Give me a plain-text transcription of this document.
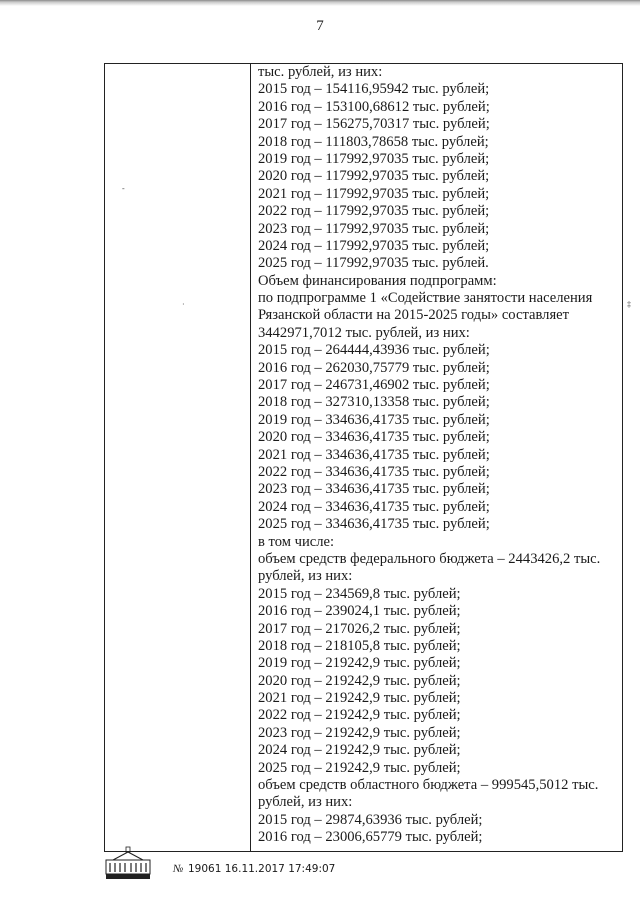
7

тыс. рублей, из них:
2015 год – 154116,95942 тыс. рублей;
2016 год – 153100,68612 тыс. рублей;
2017 год – 156275,70317 тыс. рублей;
2018 год – 111803,78658 тыс. рублей;
2019 год – 117992,97035 тыс. рублей;
2020 год – 117992,97035 тыс. рублей;
2021 год – 117992,97035 тыс. рублей;
2022 год – 117992,97035 тыс. рублей;
2023 год – 117992,97035 тыс. рублей;
2024 год – 117992,97035 тыс. рублей;
2025 год – 117992,97035 тыс. рублей.
Объем финансирования подпрограмм:
по подпрограмме 1 «Содействие занятости населения
Рязанской области на 2015-2025 годы» составляет
3442971,7012 тыс. рублей, из них:
2015 год – 264444,43936 тыс. рублей;
2016 год – 262030,75779 тыс. рублей;
2017 год – 246731,46902 тыс. рублей;
2018 год – 327310,13358 тыс. рублей;
2019 год – 334636,41735 тыс. рублей;
2020 год – 334636,41735 тыс. рублей;
2021 год – 334636,41735 тыс. рублей;
2022 год – 334636,41735 тыс. рублей;
2023 год – 334636,41735 тыс. рублей;
2024 год – 334636,41735 тыс. рублей;
2025 год – 334636,41735 тыс. рублей;
в том числе:
объем средств федерального бюджета – 2443426,2 тыс.
рублей, из них:
2015 год – 234569,8 тыс. рублей;
2016 год – 239024,1 тыс. рублей;
2017 год – 217026,2 тыс. рублей;
2018 год – 218105,8 тыс. рублей;
2019 год – 219242,9 тыс. рублей;
2020 год – 219242,9 тыс. рублей;
2021 год – 219242,9 тыс. рублей;
2022 год – 219242,9 тыс. рублей;
2023 год – 219242,9 тыс. рублей;
2024 год – 219242,9 тыс. рублей;
2025 год – 219242,9 тыс. рублей;
объем средств областного бюджета – 999545,5012 тыс.
рублей, из них:
2015 год – 29874,63936 тыс. рублей;
2016 год – 23006,65779 тыс. рублей;
‡
-
·
№ 19061 16.11.2017 17:49:07
